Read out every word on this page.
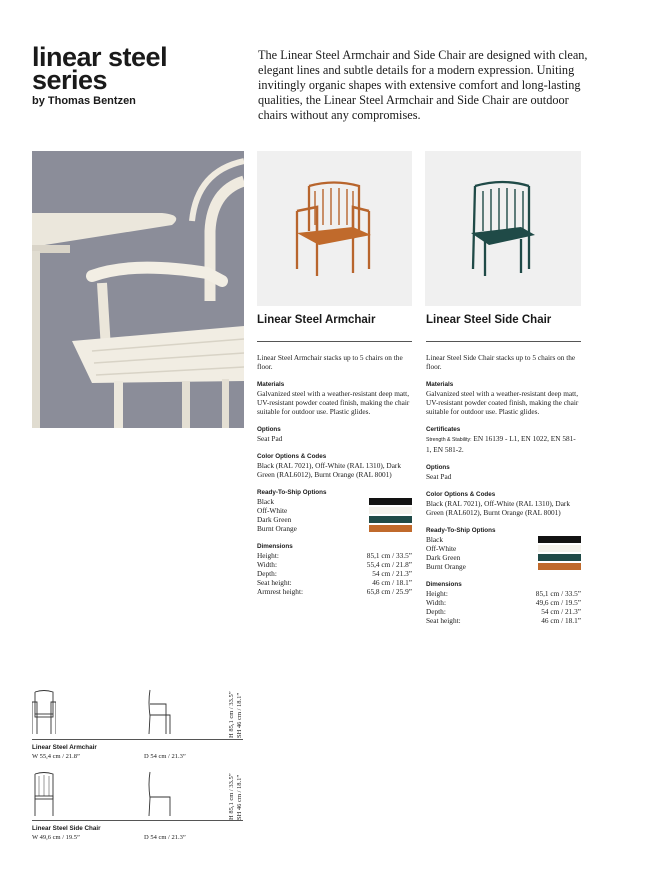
linear steel series
by Thomas Bentzen
The Linear Steel Armchair and Side Chair are designed with clean, elegant lines and subtle details for a modern expression. Uniting invitingly organic shapes with extensive comfort and long-lasting qualities, the Linear Steel Armchair and Side Chair are outdoor chairs without any compromises.
Linear Steel Armchair	Linear Steel Side Chair

Linear Steel Armchair stacks up to 5 chairs on the floor.

Materials

Galvanized steel with a weather-resistant deep matt, UV-resistant powder coated finish, making the chair suitable for outdoor use. Plastic glides.

Options

Seat Pad

Color Options & Codes

Black (RAL 7021), Off-White (RAL 1310), Dark Green (RAL6012), Burnt Orange (RAL 8001)

Ready-To-Ship Options

Black
Off-White
Dark Green
Burnt Orange

Dimensions

Height:	85,1 cm / 33.5”
Width:	55,4 cm / 21.8”
Depth:	54 cm / 21.3”
Seat height:	46 cm / 18.1”
Armrest height:	65,8 cm / 25.9”

Linear Steel Side Chair stacks up to 5 chairs on the floor.

Materials

Galvanized steel with a weather-resistant deep matt, UV-resistant powder coated finish, making the chair suitable for outdoor use. Plastic glides.

Certificates

Strength & Stability: EN 16139 - L1, EN 1022, EN 581-1, EN 581-2.

Options

Seat Pad

Color Options & Codes

Black (RAL 7021), Off-White (RAL 1310), Dark Green (RAL6012), Burnt Orange (RAL 8001)

Ready-To-Ship Options

Black
Off-White
Dark Green
Burnt Orange

Dimensions

Height:	85,1 cm / 33.5”
Width:	49,6 cm / 19.5”
Depth:	54 cm / 21.3”
Seat height:	46 cm / 18.1”
H 85,1 cm / 33.5”
SH 46 cm / 18.1”
Linear Steel Armchair
W 55,4 cm / 21.8”	D 54 cm / 21.3”
H 85,1 cm / 33.5”
SH 46 cm / 18.1”
Linear Steel Side Chair
W 49,6 cm / 19.5”	D 54 cm / 21.3”
